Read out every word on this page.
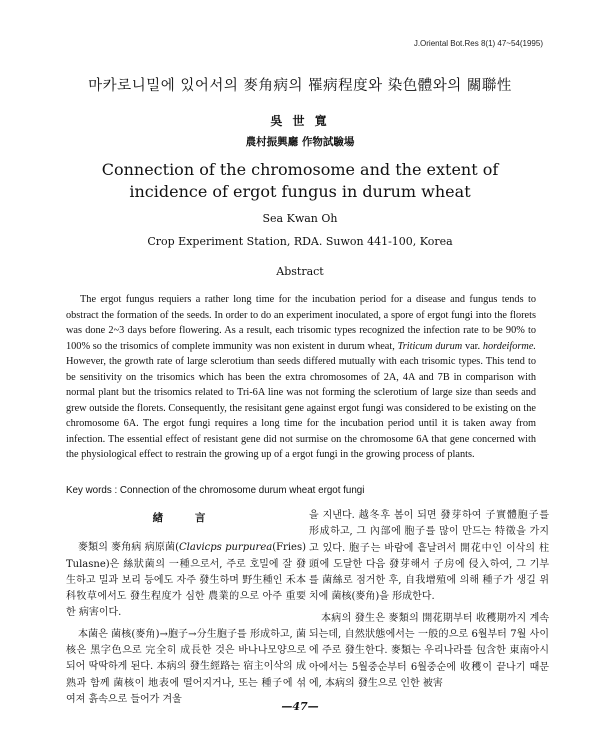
J.Oriental Bot.Res 8(1) 47~54(1995)
마카로니밀에 있어서의 麥角病의 罹病程度와 染色體와의 關聯性
吳 世 寬
農村振興廳 作物試驗場
Connection of the chromosome and the extent of incidence of ergot fungus in durum wheat
Sea Kwan Oh
Crop Experiment Station, RDA. Suwon 441-100, Korea
Abstract
The ergot fungus requiers a rather long time for the incubation period for a disease and fungus tends to obstract the formation of the seeds. In order to do an experiment inoculated, a spore of ergot fungi into the florets was done 2~3 days before flowering. As a result, each trisomic types recognized the infection rate to be 90% to 100% so the trisomics of complete immunity was non existent in durum wheat, Triticum durum var. hordeiforme. However, the growth rate of large sclerotium than seeds differed mutually with each trisomic types. This tend to be sensitivity on the trisomics which has been the extra chromosomes of 2A, 4A and 7B in comparison with normal plant but the trisomics related to Tri-6A line was not forming the sclerotium of large size than seeds and grew outside the florets. Consequently, the resisitant gene against ergot fungi was considered to be existing on the chromosome 6A. The ergot fungi requires a long time for the incubation period until it is taken away from infection. The essential effect of resistant gene did not surmise on the chromosome 6A that gene concerned with the physiological effect to restrain the growing up of a ergot fungi in the growing process of plants.
Key words : Connection of the chromosome durum wheat ergot fungi
緖 言

麥類의 麥角病 病原菌(Clavicps purpurea(Fries) Tulasne)은 絲狀菌의 一種으로서, 주로 호밀에 잘 發生하고 밀과 보리 등에도 자주 發生하며 野生種인 禾本科牧草에서도 發生程度가 심한 農業的으로 아주 重要한 病害이다.

本菌은 菌核(麥角)→胞子→分生胞子를 形成하고, 菌核은 黑字色으로 完全히 成長한 것은 바나나모양으로 되어 딱딱하게 된다. 本病의 發生經路는 宿主이삭의 成熟과 함께 菌核이 地表에 떨어지거나, 또는 種子에 섞여져 흙속으로 들어가 겨울

을 지낸다. 越冬후 봄이 되면 發芽하여 子實體胞子를 形成하고, 그 內部에 胞子를 많이 만드는 特徵을 가지고 있다. 胞子는 바람에 흩날려서 開花中인 이삭의 柱頭에 도달한 다음 發芽해서 子房에 侵入하여, 그 기부를 菌絲로 점거한 후, 自我增殖에 의해 種子가 생길 위치에 菌核(麥角)을 形成한다.

本病의 發生은 麥類의 開花期부터 收穫期까지 계속되는데, 自然狀態에서는 一般的으로 6월부터 7월 사이에 주로 發生한다. 麥類는 우리나라를 包含한 東南아시아에서는 5월중순부터 6월중순에 收穫이 끝나기 때문에, 本病의 發生으로 인한 被害

—47—
